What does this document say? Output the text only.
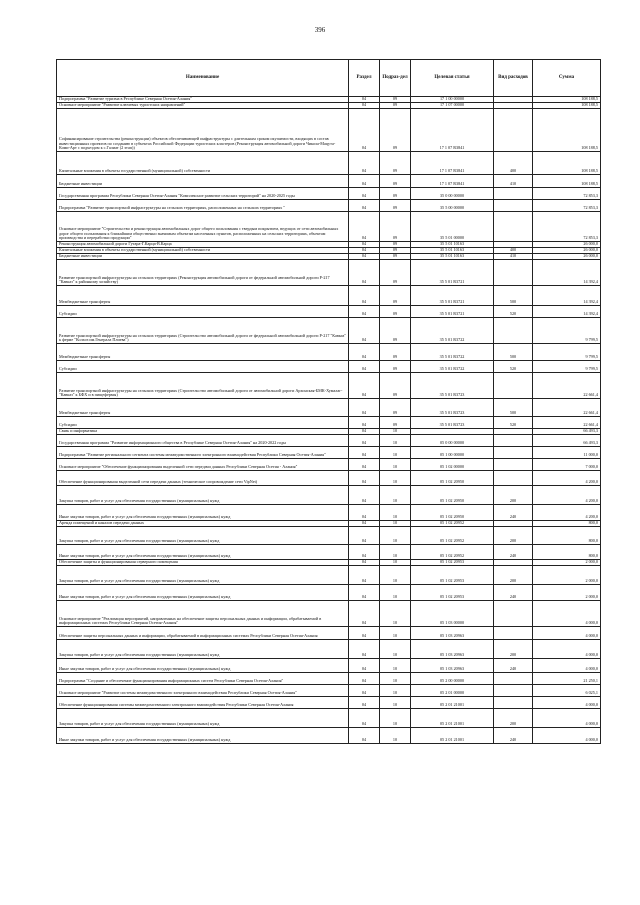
396
Наименование	Раздел	Подраз-дел	Целевая статья	Вид расходов	Сумма
Подпрограмма "Развитие туризма в Республике Северная Осетия-Алания"	04	09	17 1 00 00000		108 188,5
Основное мероприятие "Развитие ключевых туристских направлений"	04	09	17 1 07 00000		108 188,5
Софинансирование строительства (реконструкции) объектов обеспечивающей инфраструктуры с длительным сроком окупаемости, входящих в состав инвестиционных проектов по созданию в субъектах Российской Федерации туристских кластеров (Реконструкция автомобильной дороги Чикола-Мацута-Коми-Арт с подъездом к с.Галиат (2 этап))	04	09	17 1 07 R3841		108 188,5
Капитальные вложения в объекты государственной (муниципальной) собственности	04	09	17 1 07 R3841	400	108 188,5
Бюджетные инвестиции	04	09	17 1 07 R3841	410	108 188,5
Государственная программа Республики Северная Осетия-Алания "Комплексное развитие сельских территорий" на 2020-2025 годы	04	09	35 0 00 00000		72 853,3
Подпрограмма "Развитие транспортной инфраструктуры на сельских территориях, расположенных на сельских территориях "	04	09	35 5 00 00000		72 853,3
Основное мероприятие "Строительство и реконструкция автомобильных дорог общего пользования с твердым покрытием, ведущих от сети автомобильных дорог общего пользования к ближайшим общественно значимым объектам населенных пунктов, расположенных на сельских территориях, объектам производства и переработки продукции"	04	09	35 5 01 00000		72 853,3
Реконструкция автомобильной дороги Гутара-Г.Карца-В.Карца	04	09	35 5 01 10163		26 000,0
Капитальные вложения в объекты государственной (муниципальной) собственности	04	09	35 5 01 10163	400	26 000,0
Бюджетные инвестиции	04	09	35 5 01 10163	410	26 000,0
Развитие транспортной инфраструктуры на сельских территориях (Реконструкция автомобильной дороги от федеральной автомобильной дороги Р-217 "Кавказ" к районному хозяйству)	04	09	35 5 01 R3721		14 392,4
Межбюджетные трансферты	04	09	35 5 01 R3721	500	14 392,4
Субсидии	04	09	35 5 01 R3721	520	14 392,4
Развитие транспортной инфраструктуры на сельских территориях (Строительство автомобильной дороги от федеральной автомобильной дороги Р-217 "Кавказ" к ферме "Колхоз им.Генерала Плиева")	04	09	35 5 01 R3722		9 799,5
Межбюджетные трансферты	04	09	35 5 01 R3722	500	9 799,5
Субсидии	04	09	35 5 01 R3722	520	9 799,5
Развитие транспортной инфраструктуры на сельских территориях (Строительство автомобильной дороги от автомобильной дороги Архонская-БМК-Хумалаг-"Кавказ" к БФХ и в пищефермы)	04	09	35 5 01 R3723		22 661,4
Межбюджетные трансферты	04	09	35 5 01 R3723	500	22 661,4
Субсидии	04	09	35 5 01 R3723	520	22 661,4
Связь и информатика	04	10			66 493,3
Государственная программа "Развитие информационного общества в Республике Северная Осетия-Алания" на 2020-2022 годы	04	10	05 0 00 00000		66 493,3
Подпрограмма "Развитие регионального сегмента системы межведомственного электронного взаимодействия Республики Северная Осетия-Алания"	04	10	05 1 00 00000		11 000,0
Основное мероприятие "Обеспечение функционирования выделенной сети передачи данных Республики Северная Осетия - Алания"	04	10	05 1 02 00000		7 000,0
Обеспечение функционирования выделенной сети передачи данных (техническое сопровождение сети VipNet)	04	10	05 1 02 20950		4 200,0
Закупка товаров, работ и услуг для обеспечения государственных (муниципальных) нужд	04	10	05 1 02 20950	200	4 200,0
Иные закупки товаров, работ и услуг для обеспечения государственных (муниципальных) нужд	04	10	05 1 02 20950	240	4 200,0
Аренда помещений и каналов передачи данных	04	10	05 1 02 20952		800,0
Закупка товаров, работ и услуг для обеспечения государственных (муниципальных) нужд	04	10	05 1 02 20952	200	800,0
Иные закупки товаров, работ и услуг для обеспечения государственных (муниципальных) нужд	04	10	05 1 02 20952	240	800,0
Обеспечение защиты и функционирования серверного помещения	04	10	05 1 02 20953		2 000,0
Закупка товаров, работ и услуг для обеспечения государственных (муниципальных) нужд	04	10	05 1 02 20953	200	2 000,0
Иные закупки товаров, работ и услуг для обеспечения государственных (муниципальных) нужд	04	10	05 1 02 20953	240	2 000,0
Основное мероприятие "Реализация мероприятий, направленных на обеспечение защиты персональных данных и информации, обрабатываемой в информационных системах Республики Северная Осетия-Алания"	04	10	05 1 03 00000		4 000,0
Обеспечение защиты персональных данных и информации, обрабатываемой в информационных системах Республики Северная Осетия-Алания	04	10	05 1 03 20963		4 000,0
Закупка товаров, работ и услуг для обеспечения государственных (муниципальных) нужд	04	10	05 1 03 20963	200	4 000,0
Иные закупки товаров, работ и услуг для обеспечения государственных (муниципальных) нужд	04	10	05 1 03 20963	240	4 000,0
Подпрограмма "Создание и обеспечение функционирования информационных систем Республики Северная Осетия-Алания"	04	10	05 2 00 00000		21 250,1
Основное мероприятие "Развитие системы межведомственного электронного взаимодействия Республики Северная Осетия-Алания"	04	10	05 2 01 00000		6 025,1
Обеспечение функционирования системы межведомственного электронного взаимодействия Республики Северная Осетия-Алания	04	10	05 2 01 21001		4 000,0
Закупка товаров, работ и услуг для обеспечения государственных (муниципальных) нужд	04	10	05 2 01 21001	200	4 000,0
Иные закупки товаров, работ и услуг для обеспечения государственных (муниципальных) нужд	04	10	05 2 01 21001	240	4 000,0
